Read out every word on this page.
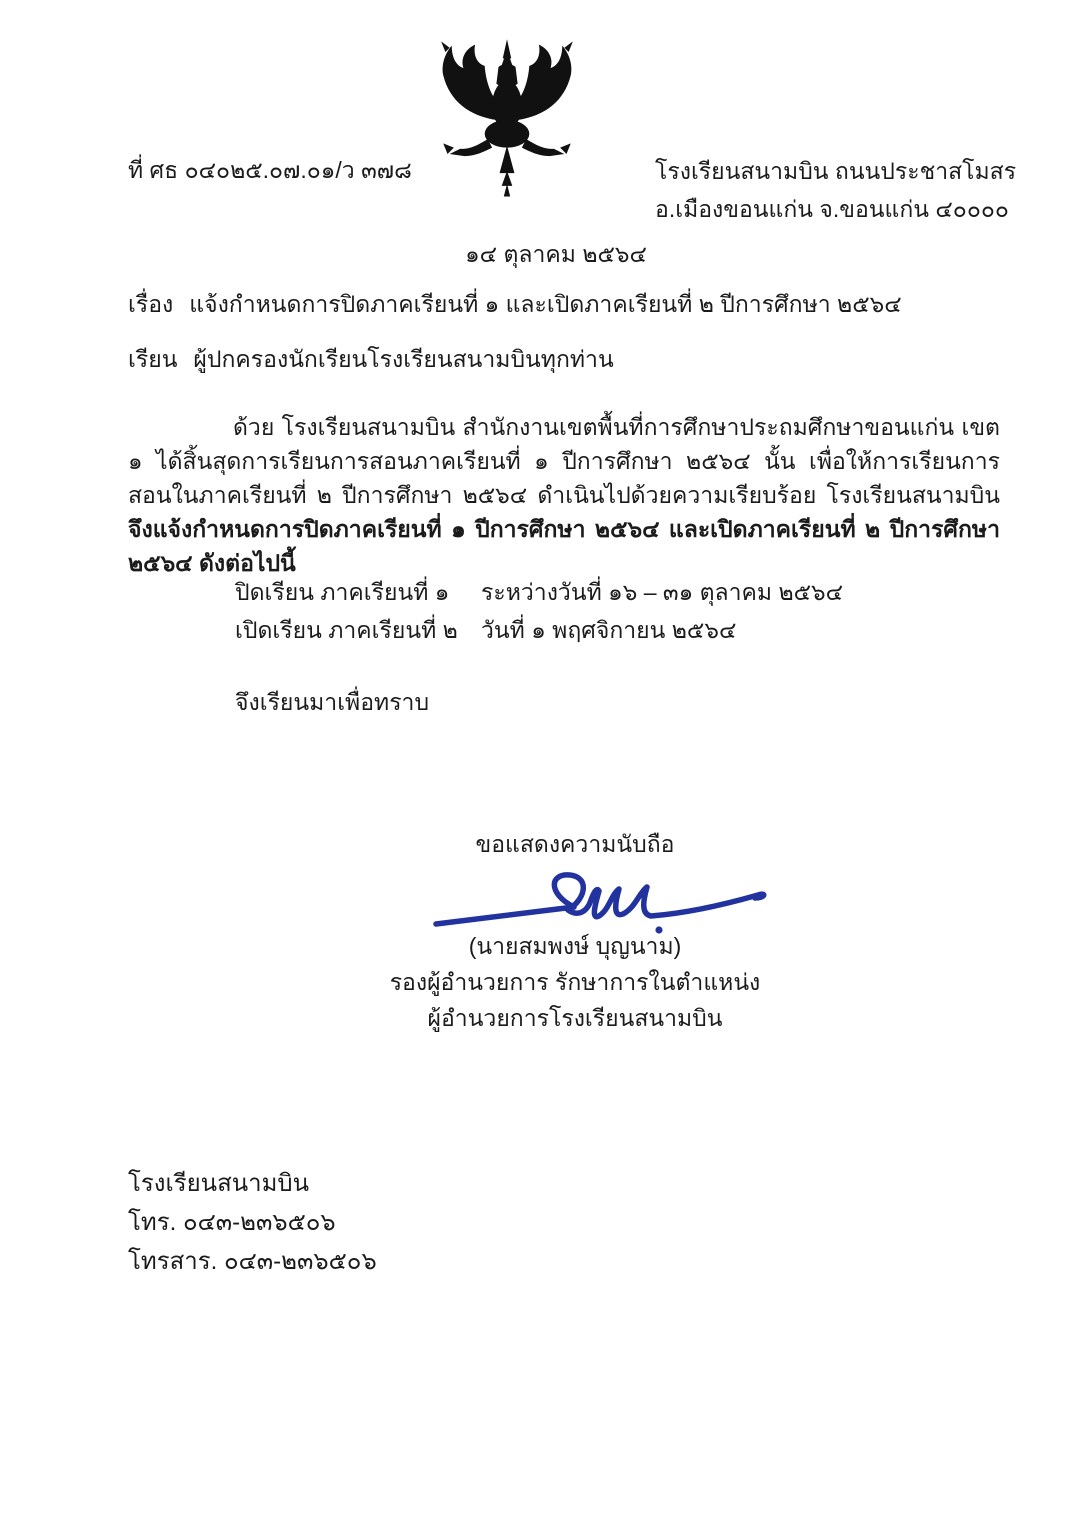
ที่ ศธ ๐๔๐๒๕.๐๗.๐๑/ว ๓๗๘	โรงเรียนสนามบิน ถนนประชาสโมสร
อ.เมืองขอนแก่น จ.ขอนแก่น ๔๐๐๐๐
๑๔ ตุลาคม ๒๕๖๔
เรื่อง แจ้งกำหนดการปิดภาคเรียนที่ ๑ และเปิดภาคเรียนที่ ๒ ปีการศึกษา ๒๕๖๔
เรียน ผู้ปกครองนักเรียนโรงเรียนสนามบินทุกท่าน
ด้วย โรงเรียนสนามบิน สำนักงานเขตพื้นที่การศึกษาประถมศึกษาขอนแก่น เขต ๑ ได้สิ้นสุดการเรียนการสอนภาคเรียนที่ ๑ ปีการศึกษา ๒๕๖๔ นั้น เพื่อให้การเรียนการสอนในภาคเรียนที่ ๒ ปีการศึกษา ๒๕๖๔ ดำเนินไปด้วยความเรียบร้อย โรงเรียนสนามบิน จึงแจ้งกำหนดการปิดภาคเรียนที่ ๑ ปีการศึกษา ๒๕๖๔ และเปิดภาคเรียนที่ ๒ ปีการศึกษา ๒๕๖๔ ดังต่อไปนี้
ปิดเรียน ภาคเรียนที่ ๑	ระหว่างวันที่ ๑๖ – ๓๑ ตุลาคม ๒๕๖๔
เปิดเรียน ภาคเรียนที่ ๒	วันที่ ๑ พฤศจิกายน ๒๕๖๔
จึงเรียนมาเพื่อทราบ
ขอแสดงความนับถือ
(นายสมพงษ์ บุญนาม)
รองผู้อำนวยการ รักษาการในตำแหน่ง
ผู้อำนวยการโรงเรียนสนามบิน
โรงเรียนสนามบิน
โทร. ๐๔๓-๒๓๖๕๐๖
โทรสาร. ๐๔๓-๒๓๖๕๐๖
